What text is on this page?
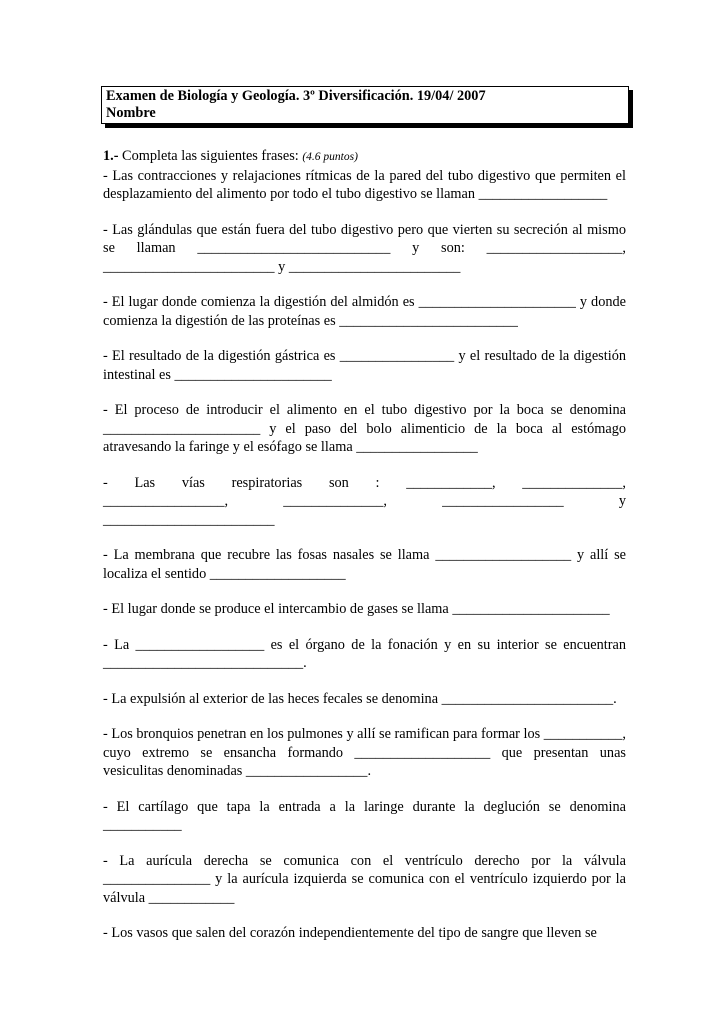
Examen de Biología y Geología. 3º Diversificación. 19/04/ 2007
Nombre

1.- Completa las siguientes frases: (4.6 puntos)

- Las contracciones y relajaciones rítmicas de la pared del tubo digestivo que permiten el desplazamiento del alimento por todo el tubo digestivo se llaman __________________

- Las glándulas que están fuera del tubo digestivo pero que vierten su secreción al mismo se llaman ___________________________ y son: ___________________, ________________________ y ________________________

- El lugar donde comienza la digestión del almidón es ______________________ y donde comienza la digestión de las proteínas es _________________________

- El resultado de la digestión gástrica es ________________ y el resultado de la digestión intestinal es ______________________

- El proceso de introducir el alimento en el tubo digestivo por la boca se denomina ______________________ y el paso del bolo alimenticio de la boca al estómago atravesando la faringe y el esófago se llama _________________

- Las vías respiratorias son : ____________, ______________,
_________________,	______________,	_________________	y
________________________

- La membrana que recubre las fosas nasales se llama ___________________ y allí se localiza el sentido ___________________

- El lugar donde se produce el intercambio de gases se llama ______________________

- La __________________ es el órgano de la fonación y en su interior se encuentran ____________________________.

- La expulsión al exterior de las heces fecales se denomina ________________________.

- Los bronquios penetran en los pulmones y allí se ramifican para formar los ___________, cuyo extremo se ensancha formando ___________________ que presentan unas vesiculitas denominadas _________________.

- El cartílago que tapa la entrada a la laringe durante la deglución se denomina ___________

- La aurícula derecha se comunica con el ventrículo derecho por la válvula _______________ y la aurícula izquierda se comunica con el ventrículo izquierdo por la válvula ____________

- Los vasos que salen del corazón independientemente del tipo de sangre que lleven se
